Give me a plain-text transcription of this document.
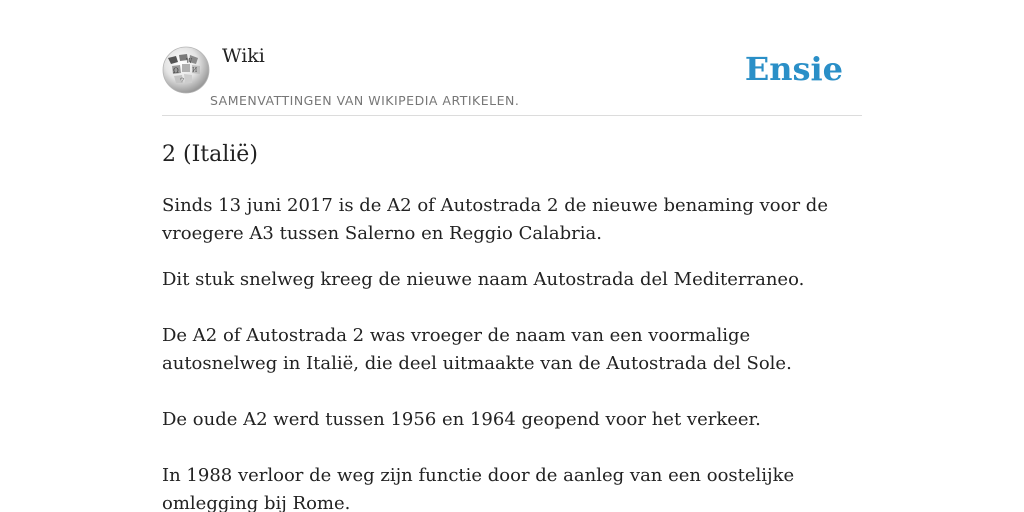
Ω
W
И
ウ
Wiki
SAMENVATTINGEN VAN WIKIPEDIA ARTIKELEN.
Ensie
2 (Italië)

Sinds 13 juni 2017 is de A2 of Autostrada 2 de nieuwe benaming voor de vroegere A3 tussen Salerno en Reggio Calabria.

Dit stuk snelweg kreeg de nieuwe naam Autostrada del Mediterraneo.

De A2 of Autostrada 2 was vroeger de naam van een voormalige autosnelweg in Italië, die deel uitmaakte van de Autostrada del Sole.

De oude A2 werd tussen 1956 en 1964 geopend voor het verkeer.

In 1988 verloor de weg zijn functie door de aanleg van een oostelijke omlegging bij Rome.
